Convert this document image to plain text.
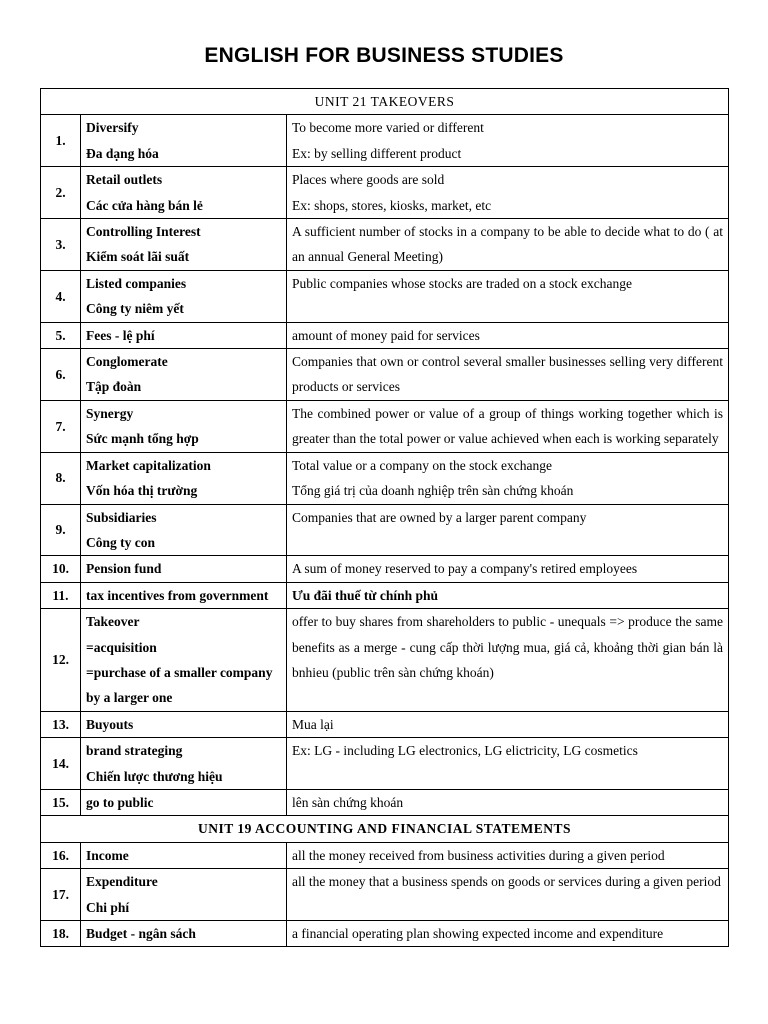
ENGLISH FOR BUSINESS STUDIES
UNIT 21 TAKEOVERS		
1.	Diversify
Đa dạng hóa	To become more varied or different
Ex: by selling different product

2.	Retail outlets
Các cửa hàng bán lẻ	Places where goods are sold
Ex: shops, stores, kiosks, market, etc

3.	Controlling Interest
Kiểm soát lãi suất	A sufficient number of stocks in a company to be able to decide what to do ( at an annual General Meeting)

4.	Listed companies
Công ty niêm yết	Public companies whose stocks are traded on a stock exchange

5.	Fees - lệ phí	amount of money paid for services

6.	Conglomerate
Tập đoàn	Companies that own or control several smaller businesses selling very different products or services

7.	Synergy
Sức mạnh tổng hợp	The combined power or value of a group of things working together which is greater than the total power or value achieved when each is working separately

8.	Market capitalization
Vốn hóa thị trường	Total value or a company on the stock exchange
Tổng giá trị của doanh nghiệp trên sàn chứng khoán

9.	Subsidiaries
Công ty con	Companies that are owned by a larger parent company

10.	Pension fund	A sum of money reserved to pay a company's retired employees

11.	tax incentives from government	Ưu đãi thuế từ chính phủ

12.	Takeover
=acquisition
=purchase of a smaller company by a larger one	offer to buy shares from shareholders to public - unequals => produce the same benefits as a merge - cung cấp thời lượng mua, giá cả, khoảng thời gian bán là bnhieu (public trên sàn chứng khoán)

13.	Buyouts	Mua lại

14.	brand strateging
Chiến lược thương hiệu	Ex: LG - including LG electronics, LG elictricity, LG cosmetics

15.	go to public	lên sàn chứng khoán

UNIT 19 ACCOUNTING AND FINANCIAL STATEMENTS		
16.	Income	all the money received from business activities during a given period

17.	Expenditure
Chi phí	all the money that a business spends on goods or services during a given period

18.	Budget - ngân sách	a financial operating plan showing expected income and expenditure
